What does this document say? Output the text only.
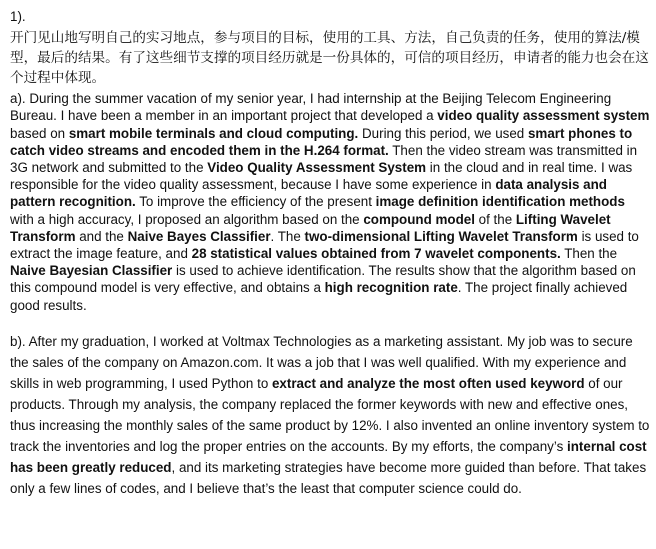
1).
开门见山地写明自己的实习地点，参与项目的目标，使用的工具、方法，自己负责的任务，使用的算法/模型，最后的结果。有了这些细节支撑的项目经历就是一份具体的，可信的项目经历，申请者的能力也会在这个过程中体现。

a). During the summer vacation of my senior year, I had internship at the Beijing Telecom Engineering Bureau. I have been a member in an important project that developed a video quality assessment system based on smart mobile terminals and cloud computing. During this period, we used smart phones to catch video streams and encoded them in the H.264 format. Then the video stream was transmitted in 3G network and submitted to the Video Quality Assessment System in the cloud and in real time. I was responsible for the video quality assessment, because I have some experience in data analysis and pattern recognition. To improve the efficiency of the present image definition identification methods with a high accuracy, I proposed an algorithm based on the compound model of the Lifting Wavelet Transform and the Naive Bayes Classifier. The two-dimensional Lifting Wavelet Transform is used to extract the image feature, and 28 statistical values obtained from 7 wavelet components. Then the Naive Bayesian Classifier is used to achieve identification. The results show that the algorithm based on this compound model is very effective, and obtains a high recognition rate. The project finally achieved good results.

b). After my graduation, I worked at Voltmax Technologies as a marketing assistant. My job was to secure the sales of the company on Amazon.com. It was a job that I was well qualified. With my experience and skills in web programming, I used Python to extract and analyze the most often used keyword of our products. Through my analysis, the company replaced the former keywords with new and effective ones, thus increasing the monthly sales of the same product by 12%. I also invented an online inventory system to track the inventories and log the proper entries on the accounts. By my efforts, the company’s internal cost has been greatly reduced, and its marketing strategies have become more guided than before. That takes only a few lines of codes, and I believe that’s the least that computer science could do.
